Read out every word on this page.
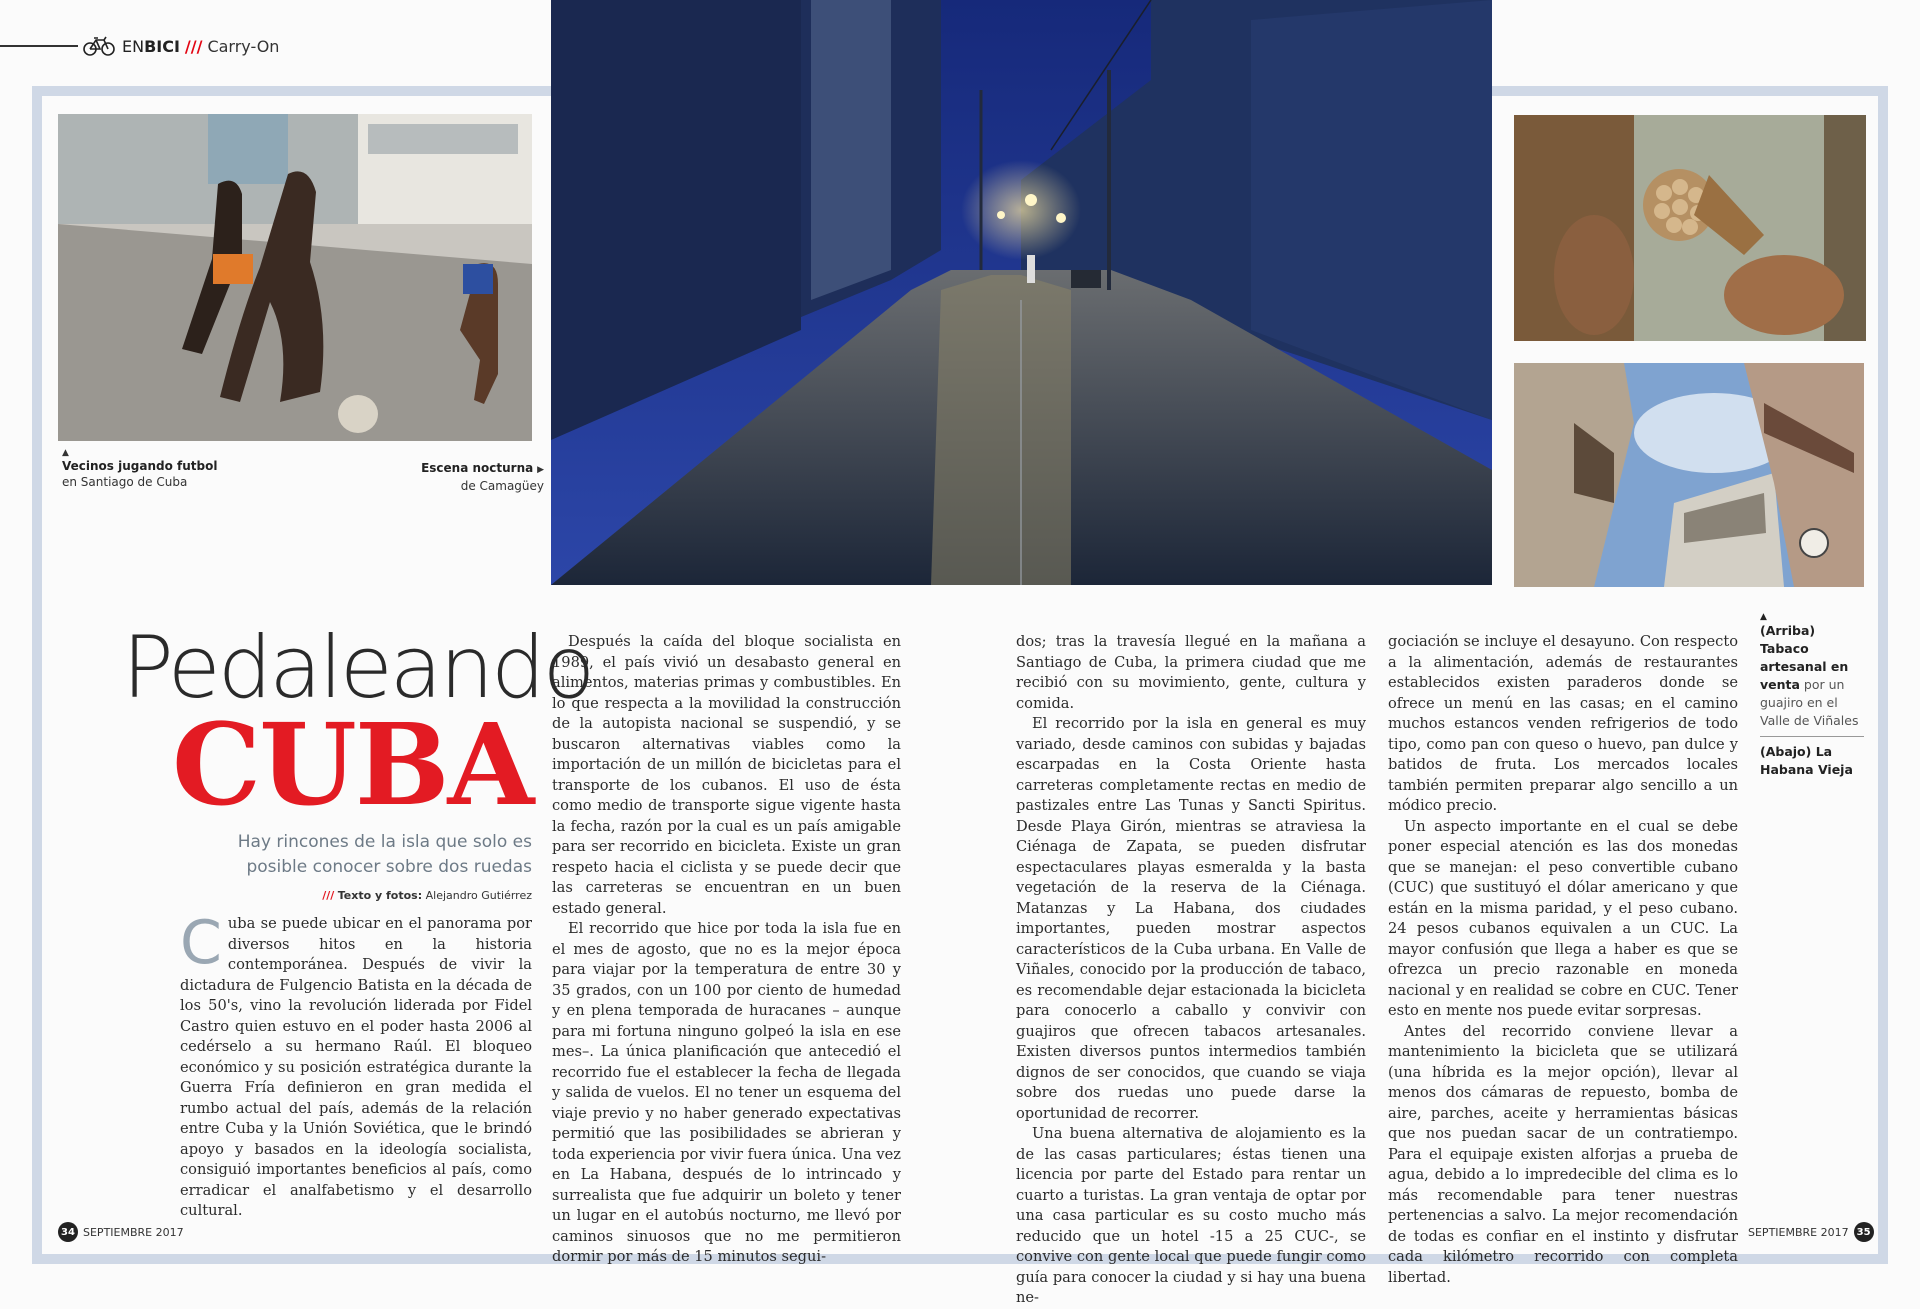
ENBICI /// Carry-On
▲
Vecinos jugando futbol
en Santiago de Cuba
Escena nocturna ▶
de Camagüey
▲
(Arriba) Tabaco artesanal en venta por un guajiro en el Valle de Viñales
(Abajo) La Habana Vieja
Pedaleando
CUBA
Hay rincones de la isla que solo es posible conocer sobre dos ruedas
/// Texto y fotos: Alejandro Gutiérrez

Cuba se puede ubicar en el panorama por diversos hitos en la historia contemporánea. Después de vivir la dictadura de Fulgencio Batista en la década de los 50's, vino la revolución liderada por Fidel Castro quien estuvo en el poder hasta 2006 al cedérselo a su hermano Raúl. El bloqueo económico y su posición estratégica durante la Guerra Fría definieron en gran medida el rumbo actual del país, además de la relación entre Cuba y la Unión Soviética, que le brindó apoyo y basados en la ideología socialista, consiguió importantes beneficios al país, como erradicar el analfabetismo y el desarrollo cultural.

Después la caída del bloque socialista en 1989, el país vivió un desabasto general en alimentos, materias primas y combustibles. En lo que respecta a la movilidad la construcción de la autopista nacional se suspendió, y se buscaron alternativas viables como la importación de un millón de bicicletas para el transporte de los cubanos. El uso de ésta como medio de transporte sigue vigente hasta la fecha, razón por la cual es un país amigable para ser recorrido en bicicleta. Existe un gran respeto hacia el ciclista y se puede decir que las carreteras se encuentran en un buen estado general.

El recorrido que hice por toda la isla fue en el mes de agosto, que no es la mejor época para viajar por la temperatura de entre 30 y 35 grados, con un 100 por ciento de humedad y en plena temporada de huracanes – aunque para mi fortuna ninguno golpeó la isla en ese mes–. La única planificación que antecedió el recorrido fue el establecer la fecha de llegada y salida de vuelos. El no tener un esquema del viaje previo y no haber generado expectativas permitió que las posibilidades se abrieran y toda experiencia por vivir fuera única. Una vez en La Habana, después de lo intrincado y surrealista que fue adquirir un boleto y tener un lugar en el autobús nocturno, me llevó por caminos sinuosos que no me permitieron dormir por más de 15 minutos segui-

dos; tras la travesía llegué en la mañana a Santiago de Cuba, la primera ciudad que me recibió con su movimiento, gente, cultura y comida.

El recorrido por la isla en general es muy variado, desde caminos con subidas y bajadas escarpadas en la Costa Oriente hasta carreteras completamente rectas en medio de pastizales entre Las Tunas y Sancti Spiritus. Desde Playa Girón, mientras se atraviesa la Ciénaga de Zapata, se pueden disfrutar espectaculares playas esmeralda y la basta vegetación de la reserva de la Ciénaga. Matanzas y La Habana, dos ciudades importantes, pueden mostrar aspectos característicos de la Cuba urbana. En Valle de Viñales, conocido por la producción de tabaco, es recomendable dejar estacionada la bicicleta para conocerlo a caballo y convivir con guajiros que ofrecen tabacos artesanales. Existen diversos puntos intermedios también dignos de ser conocidos, que cuando se viaja sobre dos ruedas uno puede darse la oportunidad de recorrer.

Una buena alternativa de alojamiento es la de las casas particulares; éstas tienen una licencia por parte del Estado para rentar un cuarto a turistas. La gran ventaja de optar por una casa particular es su costo mucho más reducido que un hotel -15 a 25 CUC-, se convive con gente local que puede fungir como guía para conocer la ciudad y si hay una buena ne-

gociación se incluye el desayuno. Con respecto a la alimentación, además de restaurantes establecidos existen paraderos donde se ofrece un menú en las casas; en el camino muchos estancos venden refrigerios de todo tipo, como pan con queso o huevo, pan dulce y batidos de fruta. Los mercados locales también permiten preparar algo sencillo a un módico precio.

Un aspecto importante en el cual se debe poner especial atención es las dos monedas que se manejan: el peso convertible cubano (CUC) que sustituyó el dólar americano y que están en la misma paridad, y el peso cubano. 24 pesos cubanos equivalen a un CUC. La mayor confusión que llega a haber es que se ofrezca un precio razonable en moneda nacional y en realidad se cobre en CUC. Tener esto en mente nos puede evitar sorpresas.

Antes del recorrido conviene llevar a mantenimiento la bicicleta que se utilizará (una híbrida es la mejor opción), llevar al menos dos cámaras de repuesto, bomba de aire, parches, aceite y herramientas básicas que nos puedan sacar de un contratiempo. Para el equipaje existen alforjas a prueba de agua, debido a lo impredecible del clima es lo más recomendable para tener nuestras pertenencias a salvo. La mejor recomendación de todas es confiar en el instinto y disfrutar cada kilómetro recorrido con completa libertad.

34 SEPTIEMBRE 2017	SEPTIEMBRE 2017 35
